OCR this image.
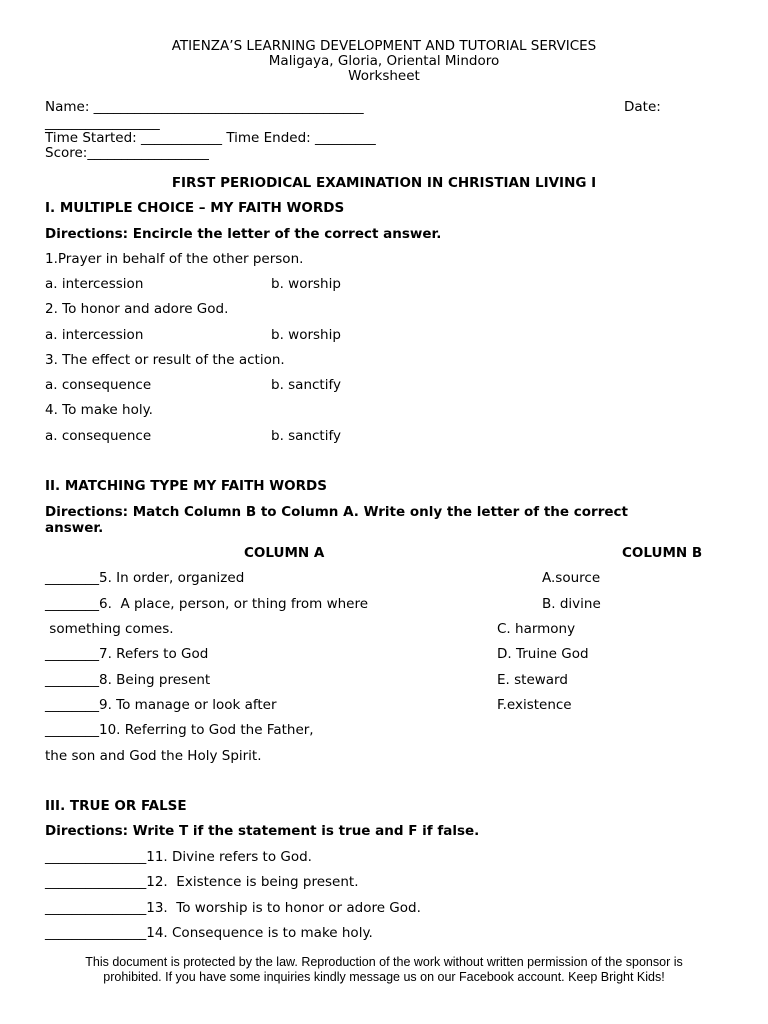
ATIENZA’S LEARNING DEVELOPMENT AND TUTORIAL SERVICES
Maligaya, Gloria, Oriental Mindoro
Worksheet
Name: ________________________________________	Date:
_________________
Time Started: ____________ Time Ended: _________
Score:__________________
FIRST PERIODICAL EXAMINATION IN CHRISTIAN LIVING I
I. MULTIPLE CHOICE – MY FAITH WORDS
Directions: Encircle the letter of the correct answer.
1.Prayer in behalf of the other person.
a. intercession	b. worship
2. To honor and adore God.
a. intercession	b. worship
3. The effect or result of the action.
a. consequence	b. sanctify
4. To make holy.
a. consequence	b. sanctify
II. MATCHING TYPE MY FAITH WORDS
Directions: Match Column B to Column A. Write only the letter of the correct
answer.
COLUMN A	COLUMN B
________5. In order, organized	A.source
________6.  A place, person, or thing from where	B. divine
something comes.	C. harmony
________7. Refers to God	D. Truine God
________8. Being present	E. steward
________9. To manage or look after	F.existence
________10. Referring to God the Father,
the son and God the Holy Spirit.
III. TRUE OR FALSE
Directions: Write T if the statement is true and F if false.
_______________11. Divine refers to God.
_______________12.  Existence is being present.
_______________13.  To worship is to honor or adore God.
_______________14. Consequence is to make holy.
This document is protected by the law. Reproduction of the work without written permission of the sponsor is
prohibited. If you have some inquiries kindly message us on our Facebook account. Keep Bright Kids!
